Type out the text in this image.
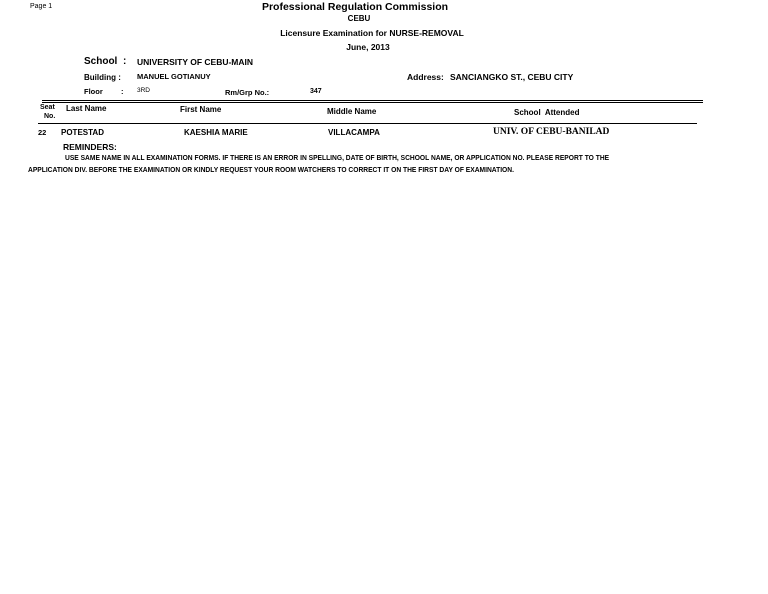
Page 1	Professional Regulation Commission
CEBU
Licensure Examination for NURSE-REMOVAL
June, 2013
School : UNIVERSITY OF CEBU-MAIN
Building : MANUEL GOTIANUY	Address: SANCIANGKO ST., CEBU CITY
Floor : 3RD	Rm/Grp No.:	347
Seat
No.
Last Name	First Name	Middle Name	School  Attended
22 POTESTAD	KAESHIA MARIE	VILLACAMPA	UNIV. OF CEBU-BANILAD
REMINDERS:
USE SAME NAME IN ALL EXAMINATION FORMS. IF THERE IS AN ERROR IN SPELLING, DATE OF BIRTH, SCHOOL NAME, OR APPLICATION NO. PLEASE REPORT TO THE
APPLICATION DIV. BEFORE THE EXAMINATION OR KINDLY REQUEST YOUR ROOM WATCHERS TO CORRECT IT ON THE FIRST DAY OF EXAMINATION.
